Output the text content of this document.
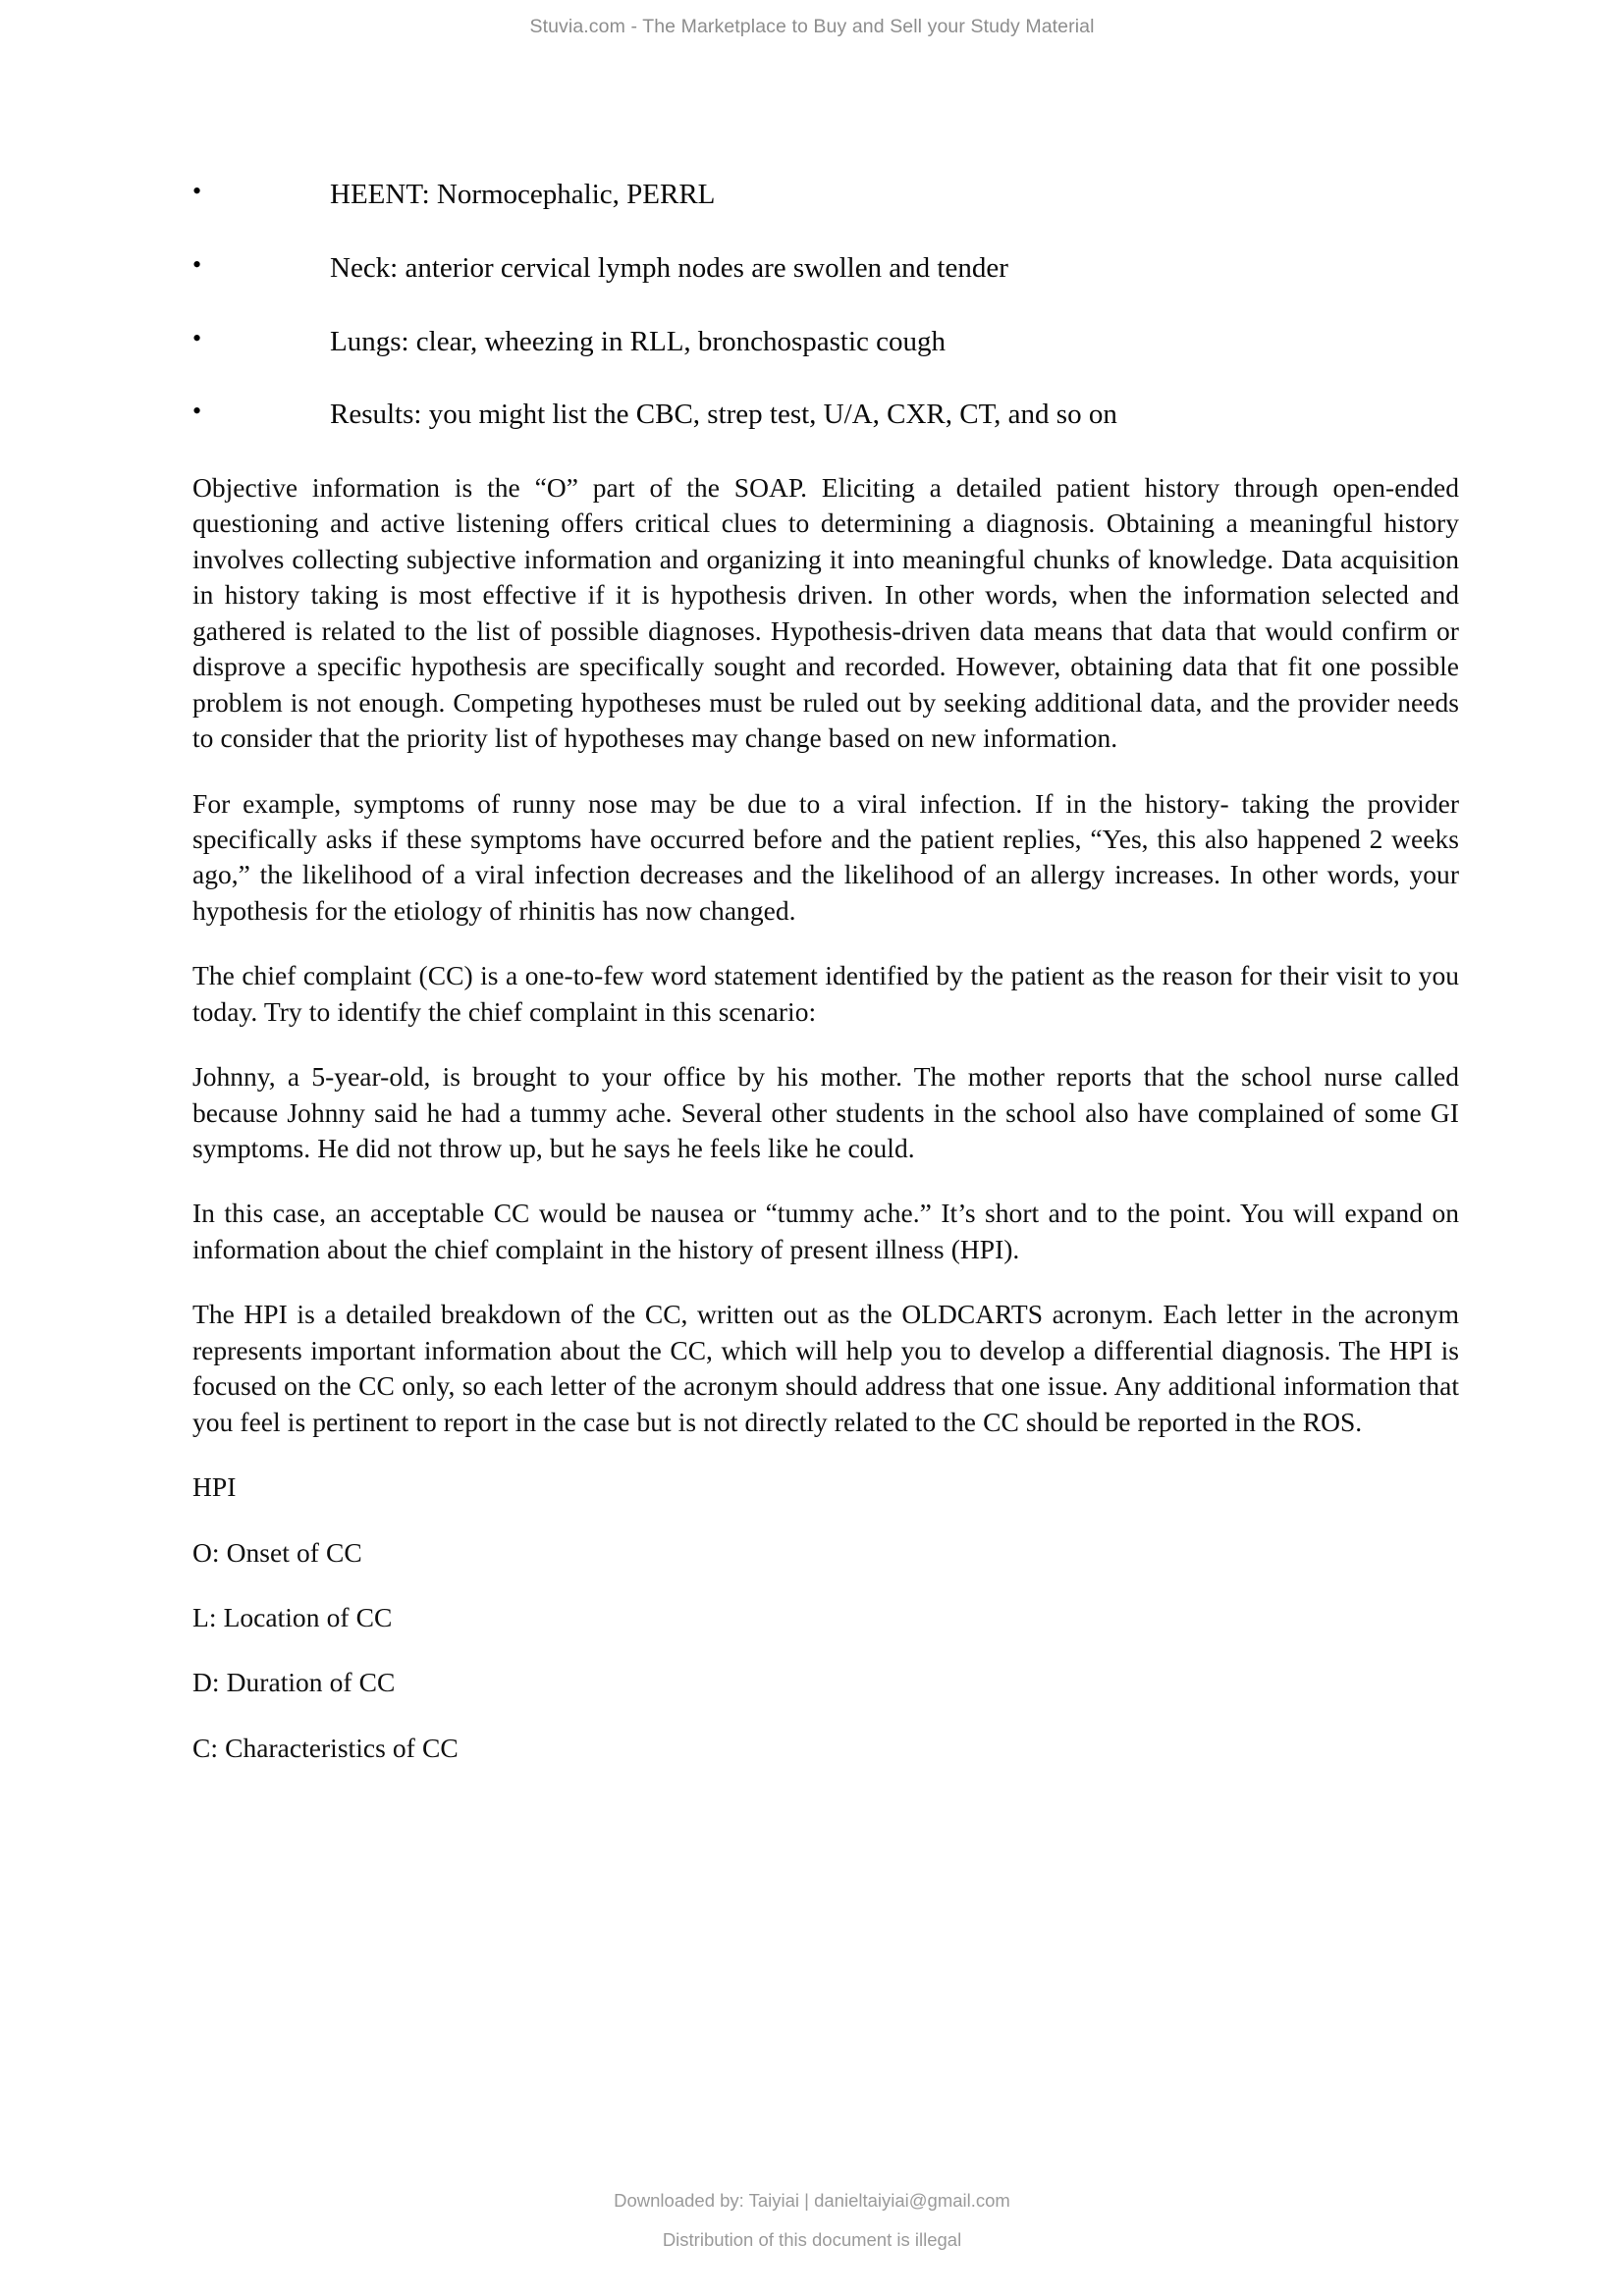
Stuvia.com - The Marketplace to Buy and Sell your Study Material
•	HEENT: Normocephalic, PERRL
•	Neck: anterior cervical lymph nodes are swollen and tender
•	Lungs: clear, wheezing in RLL, bronchospastic cough
•	Results: you might list the CBC, strep test, U/A, CXR, CT, and so on

Objective information is the “O” part of the SOAP. Eliciting a detailed patient history through open-ended questioning and active listening offers critical clues to determining a diagnosis. Obtaining a meaningful history involves collecting subjective information and organizing it into meaningful chunks of knowledge. Data acquisition in history taking is most effective if it is hypothesis driven. In other words, when the information selected and gathered is related to the list of possible diagnoses. Hypothesis-driven data means that data that would confirm or disprove a specific hypothesis are specifically sought and recorded. However, obtaining data that fit one possible problem is not enough. Competing hypotheses must be ruled out by seeking additional data, and the provider needs to consider that the priority list of hypotheses may change based on new information.

For example, symptoms of runny nose may be due to a viral infection. If in the history- taking the provider specifically asks if these symptoms have occurred before and the patient replies, “Yes, this also happened 2 weeks ago,” the likelihood of a viral infection decreases and the likelihood of an allergy increases. In other words, your hypothesis for the etiology of rhinitis has now changed.

The chief complaint (CC) is a one-to-few word statement identified by the patient as the reason for their visit to you today. Try to identify the chief complaint in this scenario:

Johnny, a 5-year-old, is brought to your office by his mother. The mother reports that the school nurse called because Johnny said he had a tummy ache. Several other students in the school also have complained of some GI symptoms. He did not throw up, but he says he feels like he could.

In this case, an acceptable CC would be nausea or “tummy ache.” It’s short and to the point. You will expand on information about the chief complaint in the history of present illness (HPI).

The HPI is a detailed breakdown of the CC, written out as the OLDCARTS acronym. Each letter in the acronym represents important information about the CC, which will help you to develop a differential diagnosis. The HPI is focused on the CC only, so each letter of the acronym should address that one issue. Any additional information that you feel is pertinent to report in the case but is not directly related to the CC should be reported in the ROS.

HPI

O: Onset of CC

L: Location of CC

D: Duration of CC

C: Characteristics of CC

Downloaded by: Taiyiai | danieltaiyiai@gmail.com
Distribution of this document is illegal
